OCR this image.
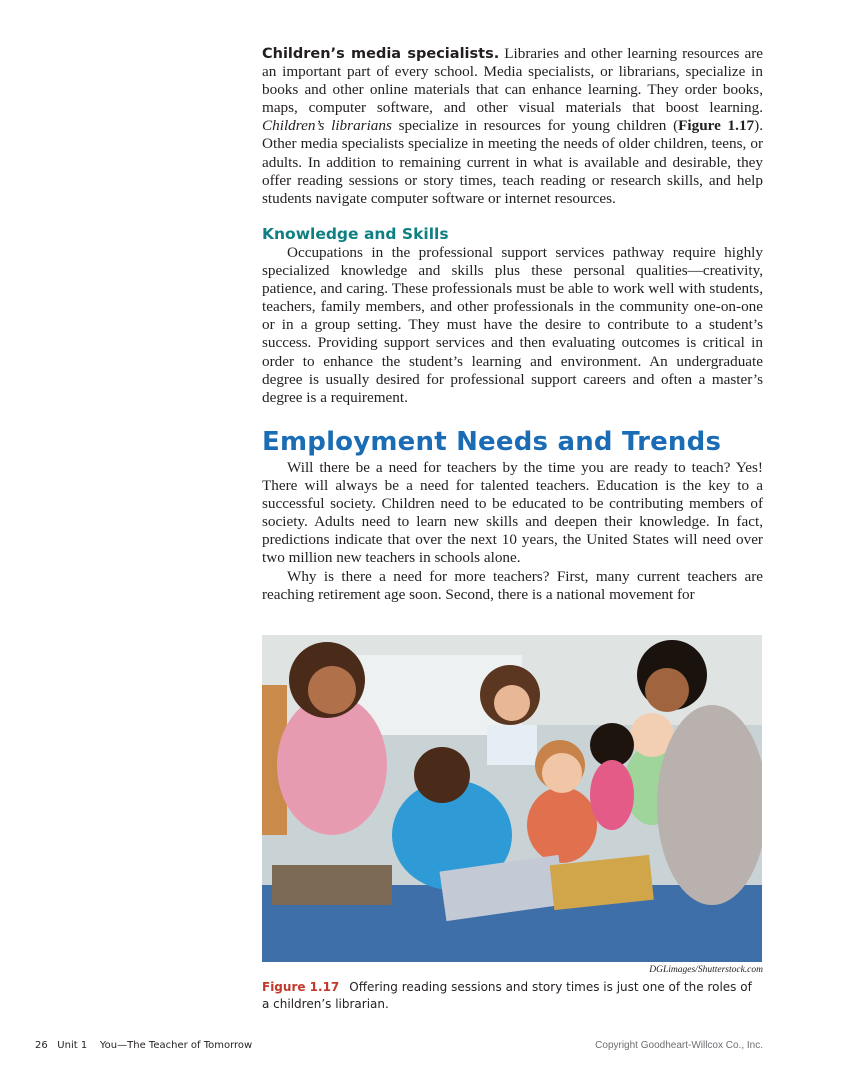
Children’s media specialists. Libraries and other learning resources are an important part of every school. Media specialists, or librarians, specialize in books and other online materials that can enhance learning. They order books, maps, computer software, and other visual materials that boost learning. Children’s librarians specialize in resources for young children (Figure 1.17). Other media specialists specialize in meeting the needs of older children, teens, or adults. In addition to remaining current in what is available and desirable, they offer reading sessions or story times, teach reading or research skills, and help students navigate computer software or internet resources.

Knowledge and Skills

Occupations in the professional support services pathway require highly specialized knowledge and skills plus these personal qualities—creativity, patience, and caring. These professionals must be able to work well with students, teachers, family members, and other professionals in the community one-on-one or in a group setting. They must have the desire to contribute to a student’s success. Providing support services and then evaluating outcomes is critical in order to enhance the student’s learning and environment. An undergraduate degree is usually desired for professional support careers and often a master’s degree is a requirement.

Employment Needs and Trends

Will there be a need for teachers by the time you are ready to teach? Yes! There will always be a need for talented teachers. Education is the key to a successful society. Children need to be educated to be contributing members of society. Adults need to learn new skills and deepen their knowledge. In fact, predictions indicate that over the next 10 years, the United States will need over two million new teachers in schools alone.

Why is there a need for more teachers? First, many current teachers are reaching retirement age soon. Second, there is a national movement for

DGLimages/Shutterstock.com
Figure 1.17 Offering reading sessions and story times is just one of the roles of a children’s librarian.
26 Unit 1 You—The Teacher of Tomorrow	Copyright Goodheart-Willcox Co., Inc.
